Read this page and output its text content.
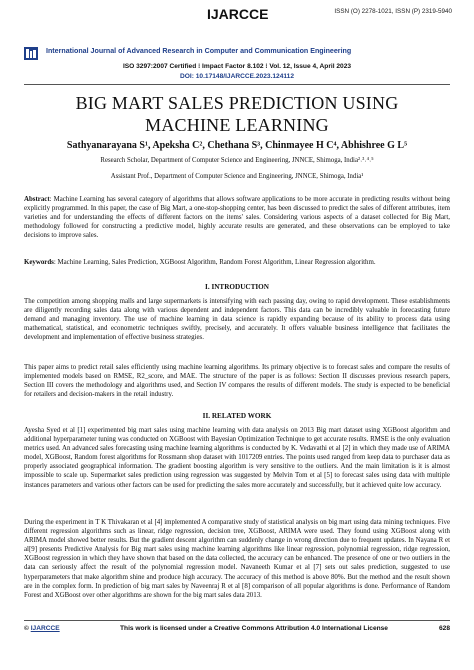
IJARCCE	ISSN (O) 2278-1021, ISSN (P) 2319-5940
International Journal of Advanced Research in Computer and Communication Engineering
ISO 3297:2007 Certified ⁝ Impact Factor 8.102 ⁝ Vol. 12, Issue 4, April 2023
DOI: 10.17148/IJARCCE.2023.124112
BIG MART SALES PREDICTION USING
MACHINE LEARNING
Sathyanarayana S¹, Apeksha C², Chethana S³, Chinmayee H C⁴, Abhishree G L⁵
Research Scholar, Department of Computer Science and Engineering, JNNCE, Shimoga, India²˒³˒⁴˒⁵
Assistant Prof., Department of Computer Science and Engineering, JNNCE, Shimoga, India¹

Abstract: Machine Learning has several category of algorithms that allows software applications to be more accurate in predicting results without being explicitly programmed. In this paper, the case of Big Mart, a one-stop-shopping center, has been discussed to predict the sales of different attributes, item varieties and for understanding the effects of different factors on the items' sales. Considering various aspects of a dataset collected for Big Mart, methodology followed for constructing a predictive model, highly accurate results are generated, and these observations can be employed to take decisions to improve sales.

Keywords: Machine Learning, Sales Prediction, XGBoost Algorithm, Random Forest Algorithm, Linear Regression algorithm.

I. INTRODUCTION

The competition among shopping malls and large supermarkets is intensifying with each passing day, owing to rapid development. These establishments are diligently recording sales data along with various dependent and independent factors. This data can be incredibly valuable in forecasting future demand and managing inventory. The use of machine learning in data science is rapidly expanding because of its ability to process data using mathematical, statistical, and econometric techniques swiftly, precisely, and accurately. It offers valuable business intelligence that facilitates the development and implementation of effective business strategies.

This paper aims to predict retail sales efficiently using machine learning algorithms. Its primary objective is to forecast sales and compare the results of implemented models based on RMSE, R2_score, and MAE. The structure of the paper is as follows: Section II discusses previous research papers, Section III covers the methodology and algorithms used, and Section IV compares the results of different models. The study is expected to be beneficial for retailers and decision-makers in the retail industry.

II. RELATED WORK

Ayesha Syed et al [1] experimented big mart sales using machine learning with data analysis on 2013 Big mart dataset using XGBoost algorithm and additional hyperparameter tuning was conducted on XGBoost with Bayesian Optimization Technique to get accurate results. RMSE is the only evaluation metrics used. An advanced sales forecasting using machine learning algorithms is conducted by K. Vedavathi et al [2] in which they made use of ARIMA model, XGBoost, Random forest algorithms for Rossmann shop dataset with 1017209 entries. The points used ranged from keep data to purchaser data as properly associated geographical information. The gradient boosting algorithm is very sensitive to the outliers. And the main limitation is it is almost impossible to scale up. Supermarket sales prediction using regression was suggested by Melvin Tom et al [5] to forecast sales using data with multiple instances parameters and various other factors can be used for predicting the sales more accurately and successfully, but it achieved quite low accuracy.

During the experiment in T K Thivakaran et al [4] implemented A comparative study of statistical analysis on big mart using data mining techniques. Five different regression algorithms such as linear, ridge regression, decision tree, XGBoost, ARIMA were used. They found using XGBoost along with ARIMA model showed better results. But the gradient descent algorithm can suddenly change in wrong direction due to frequent updates. In Nayana R et al[9] presents Predictive Analysis for Big mart sales using machine learning algorithms like linear regression, polynomial regression, ridge regression, XGBoost regression in which they have shown that based on the data collected, the accuracy can be enhanced. The presence of one or two outliers in the data can seriously affect the result of the polynomial regression model. Navaneeth Kumar et al [7] sets out sales prediction, suggested to use hyperparameters that make algorithm shine and produce high accuracy. The accuracy of this method is above 80%. But the method and the result shown are in the complex form. In prediction of big mart sales by Naveenraj R et al [8] comparison of all popular algorithms is done. Performance of Random Forest and XGBoost over other algorithms are shown for the big mart sales data 2013.

© IJARCCE	This work is licensed under a Creative Commons Attribution 4.0 International License	628
